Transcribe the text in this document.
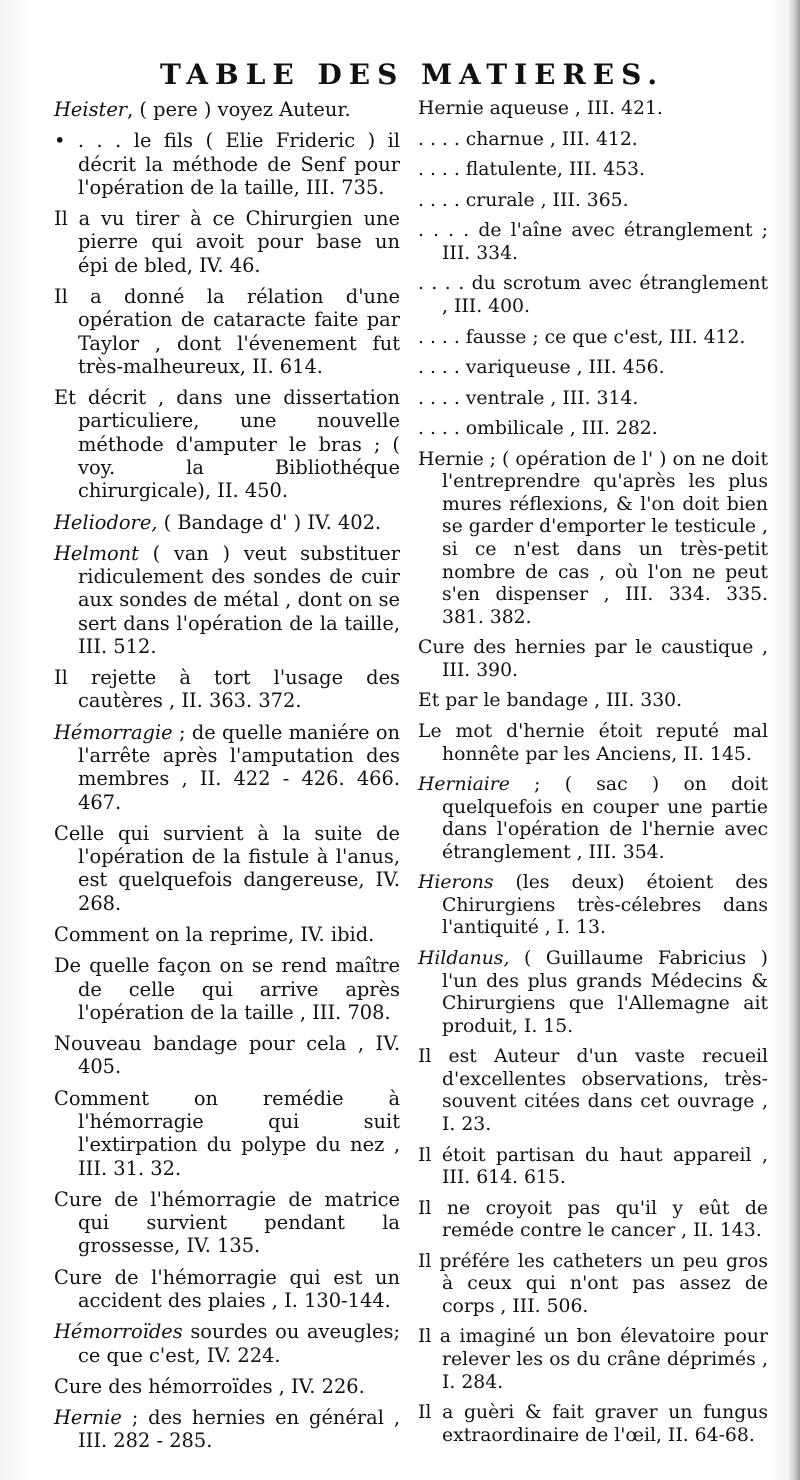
TABLE DES MATIERES.
Heister, ( pere ) voyez Auteur.
• . . . le fils ( Elie Frideric ) il décrit la méthode de Senf pour l'opération de la taille, III. 735.
Il a vu tirer à ce Chirurgien une pierre qui avoit pour base un épi de bled, IV. 46.
Il a donné la rélation d'une opération de cataracte faite par Taylor , dont l'évenement fut très-malheureux, II. 614.
Et décrit , dans une dissertation particuliere, une nouvelle méthode d'amputer le bras ; ( voy. la Bibliothéque chirurgicale), II. 450.
Heliodore, ( Bandage d' ) IV. 402.
Helmont ( van ) veut substituer ridiculement des sondes de cuir aux sondes de métal , dont on se sert dans l'opération de la taille, III. 512.
Il rejette à tort l'usage des cautères , II. 363. 372.
Hémorragie ; de quelle maniére on l'arrête après l'amputation des membres , II. 422 - 426. 466. 467.
Celle qui survient à la suite de l'opération de la fistule à l'anus, est quelquefois dangereuse, IV. 268.
Comment on la reprime, IV. ibid.
De quelle façon on se rend maître de celle qui arrive après l'opération de la taille , III. 708.
Nouveau bandage pour cela , IV. 405.
Comment on remédie à l'hémorragie qui suit l'extirpation du polype du nez , III. 31. 32.
Cure de l'hémorragie de matrice qui survient pendant la grossesse, IV. 135.
Cure de l'hémorragie qui est un accident des plaies , I. 130-144.
Hémorroïdes sourdes ou aveugles; ce que c'est, IV. 224.
Cure des hémorroïdes , IV. 226.
Hernie ; des hernies en général , III. 282 - 285.
Hernie aqueuse , III. 421.
. . . . charnue , III. 412.
. . . . flatulente, III. 453.
. . . . crurale , III. 365.
. . . . de l'aîne avec étranglement ; III. 334.
. . . . du scrotum avec étranglement , III. 400.
. . . . fausse ; ce que c'est, III. 412.
. . . . variqueuse , III. 456.
. . . . ventrale , III. 314.
. . . . ombilicale , III. 282.
Hernie ; ( opération de l' ) on ne doit l'entreprendre qu'après les plus mures réflexions, & l'on doit bien se garder d'emporter le testicule , si ce n'est dans un très-petit nombre de cas , où l'on ne peut s'en dispenser , III. 334. 335. 381. 382.
Cure des hernies par le caustique , III. 390.
Et par le bandage , III. 330.
Le mot d'hernie étoit reputé mal honnête par les Anciens, II. 145.
Herniaire ; ( sac ) on doit quelquefois en couper une partie dans l'opération de l'hernie avec étranglement , III. 354.
Hierons (les deux) étoient des Chirurgiens très-célebres dans l'antiquité , I. 13.
Hildanus, ( Guillaume Fabricius ) l'un des plus grands Médecins & Chirurgiens que l'Allemagne ait produit, I. 15.
Il est Auteur d'un vaste recueil d'excellentes observations, très-souvent citées dans cet ouvrage , I. 23.
Il étoit partisan du haut appareil , III. 614. 615.
Il ne croyoit pas qu'il y eût de reméde contre le cancer , II. 143.
Il préfére les catheters un peu gros à ceux qui n'ont pas assez de corps , III. 506.
Il a imaginé un bon élevatoire pour relever les os du crâne déprimés , I. 284.
Il a guèri & fait graver un fungus extraordinaire de l'œil, II. 64-68.
